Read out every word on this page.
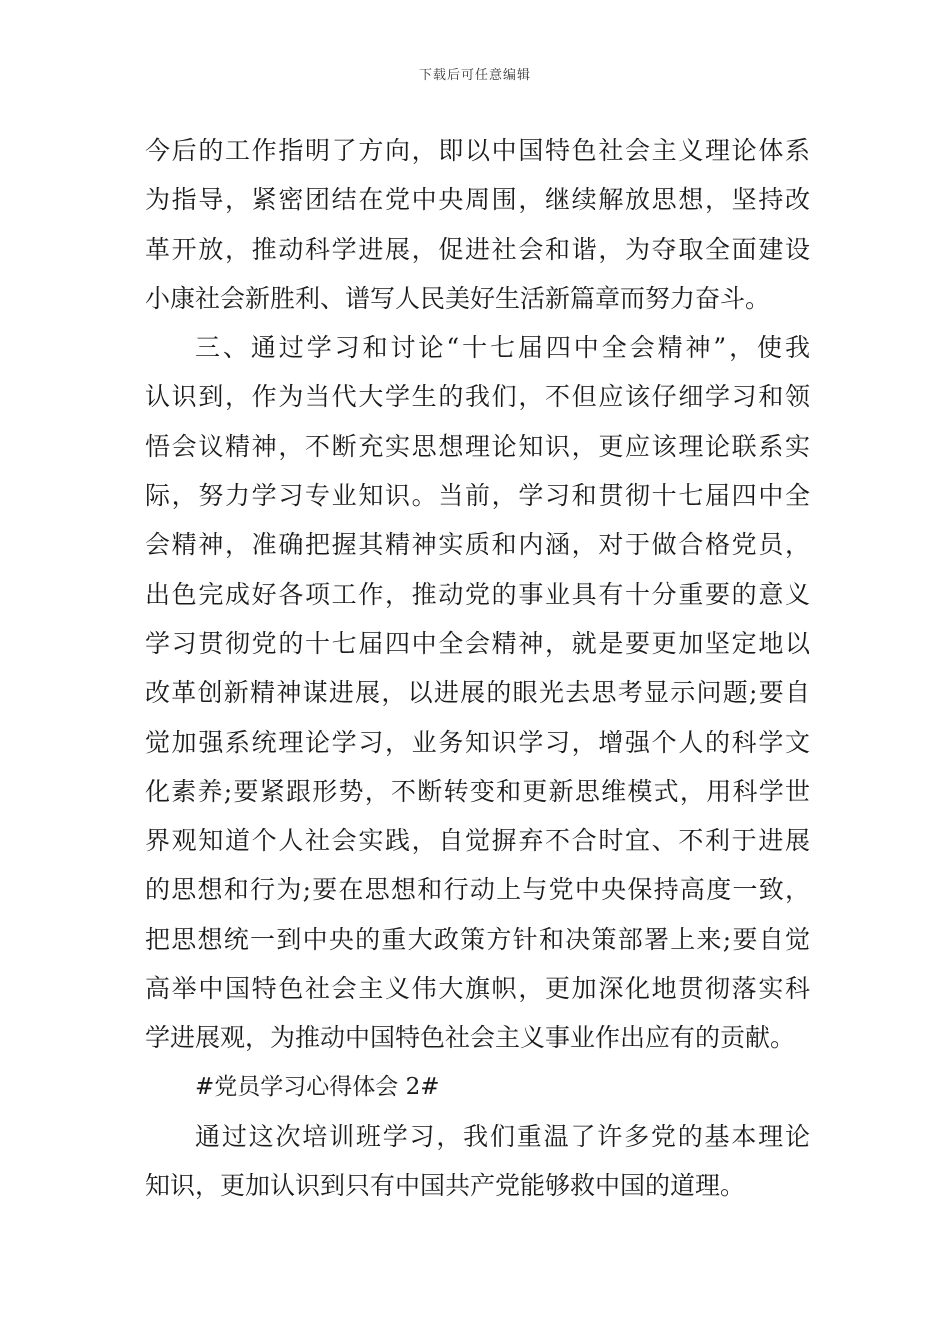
下载后可任意编辑
今后的工作指明了方向，即以中国特色社会主义理论体系
为指导，紧密团结在党中央周围，继续解放思想，坚持改
革开放，推动科学进展，促进社会和谐，为夺取全面建设
小康社会新胜利、谱写人民美好生活新篇章而努力奋斗。
三、通过学习和讨论“十七届四中全会精神”，使我
认识到，作为当代大学生的我们，不但应该仔细学习和领
悟会议精神，不断充实思想理论知识，更应该理论联系实
际，努力学习专业知识。当前，学习和贯彻十七届四中全
会精神，准确把握其精神实质和内涵，对于做合格党员，
出色完成好各项工作，推动党的事业具有十分重要的意义
学习贯彻党的十七届四中全会精神，就是要更加坚定地以
改革创新精神谋进展，以进展的眼光去思考显示问题;要自
觉加强系统理论学习，业务知识学习，增强个人的科学文
化素养;要紧跟形势，不断转变和更新思维模式，用科学世
界观知道个人社会实践，自觉摒弃不合时宜、不利于进展
的思想和行为;要在思想和行动上与党中央保持高度一致，
把思想统一到中央的重大政策方针和决策部署上来;要自觉
高举中国特色社会主义伟大旗帜，更加深化地贯彻落实科
学进展观，为推动中国特色社会主义事业作出应有的贡献。
#党员学习心得体会 2#
通过这次培训班学习，我们重温了许多党的基本理论
知识，更加认识到只有中国共产党能够救中国的道理。
